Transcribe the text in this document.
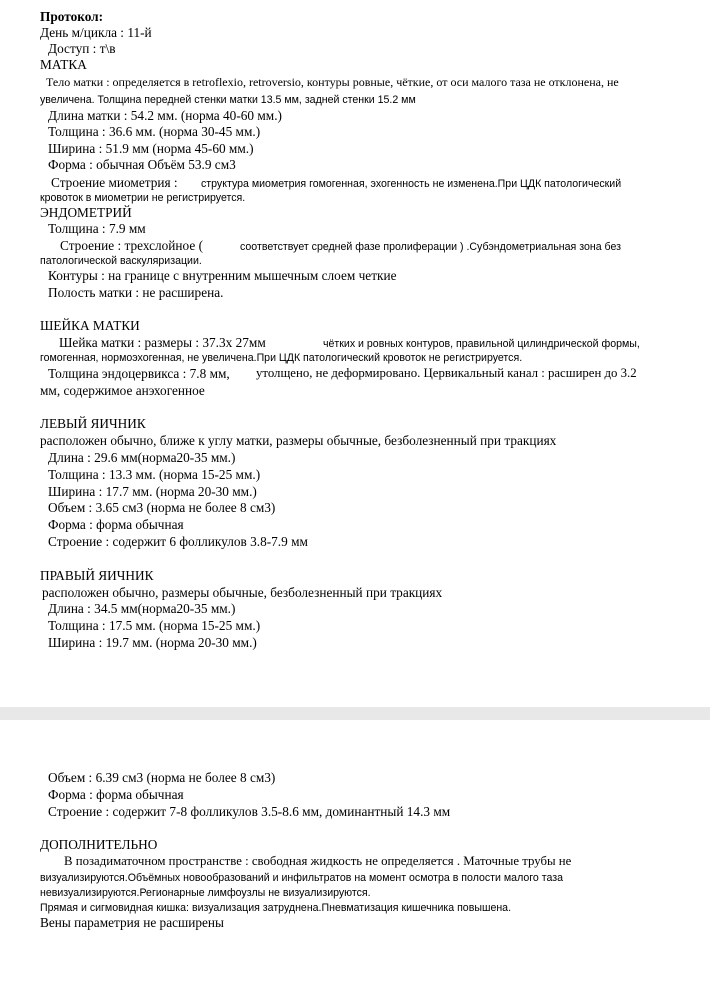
Протокол:
День м/цикла : 11-й
Доступ : т\в
МАТКА
Тело матки : определяется в retroflexio, retroversio, контуры ровные, чёткие, от оси малого таза не отклонена, не
увеличена. Толщина передней стенки матки 13.5 мм, задней стенки 15.2 мм
Длина матки : 54.2 мм. (норма 40-60 мм.)
Толщина : 36.6 мм. (норма 30-45 мм.)
Ширина : 51.9 мм (норма 45-60 мм.)
Форма : обычная Объём 53.9 см3
Строение миометрия : структура миометрия гомогенная, эхогенность не изменена.При ЦДК патологический
кровоток в миометрии не регистрируется.
ЭНДОМЕТРИЙ
Толщина : 7.9 мм
Строение : трехслойное (	соответствует средней фазе пролиферации ) .Субэндометриальная зона без
патологической васкуляризации.
Контуры : на границе с внутренним мышечным слоем четкие
Полость матки : не расширена.
ШЕЙКА МАТКИ
Шейка матки : размеры : 37.3x 27мм	чётких и ровных контуров, правильной цилиндрической формы,
гомогенная, нормоэхогенная, не увеличена.При ЦДК патологический кровоток не регистрируется.
Толщина эндоцервикса : 7.8 мм, утолщено, не деформировано. Цервикальный канал : расширен до 3.2
мм, содержимое анэхогенное
ЛЕВЫЙ ЯИЧНИК
расположен обычно, ближе к углу матки, размеры обычные, безболезненный при тракциях
Длина : 29.6 мм(норма20-35 мм.)
Толщина : 13.3 мм. (норма 15-25 мм.)
Ширина : 17.7 мм. (норма 20-30 мм.)
Объем : 3.65 см3 (норма не более 8 см3)
Форма : форма обычная
Строение : содержит 6 фолликулов 3.8-7.9 мм
ПРАВЫЙ ЯИЧНИК
расположен обычно, размеры обычные, безболезненный при тракциях
Длина : 34.5 мм(норма20-35 мм.)
Толщина : 17.5 мм. (норма 15-25 мм.)
Ширина : 19.7 мм. (норма 20-30 мм.)
Объем : 6.39 см3 (норма не более 8 см3)
Форма : форма обычная
Строение : содержит 7-8 фолликулов 3.5-8.6 мм, доминантный 14.3 мм
ДОПОЛНИТЕЛЬНО
В позадиматочном пространстве : свободная жидкость не определяется . Маточные трубы не
визуализируются.Объёмных новообразований и инфильтратов на момент осмотра в полости малого таза
невизуализируются.Регионарные лимфоузлы не визуализируются.
Прямая и сигмовидная кишка: визуализация затруднена.Пневматизация кишечника повышена.
Вены параметрия не расширены
